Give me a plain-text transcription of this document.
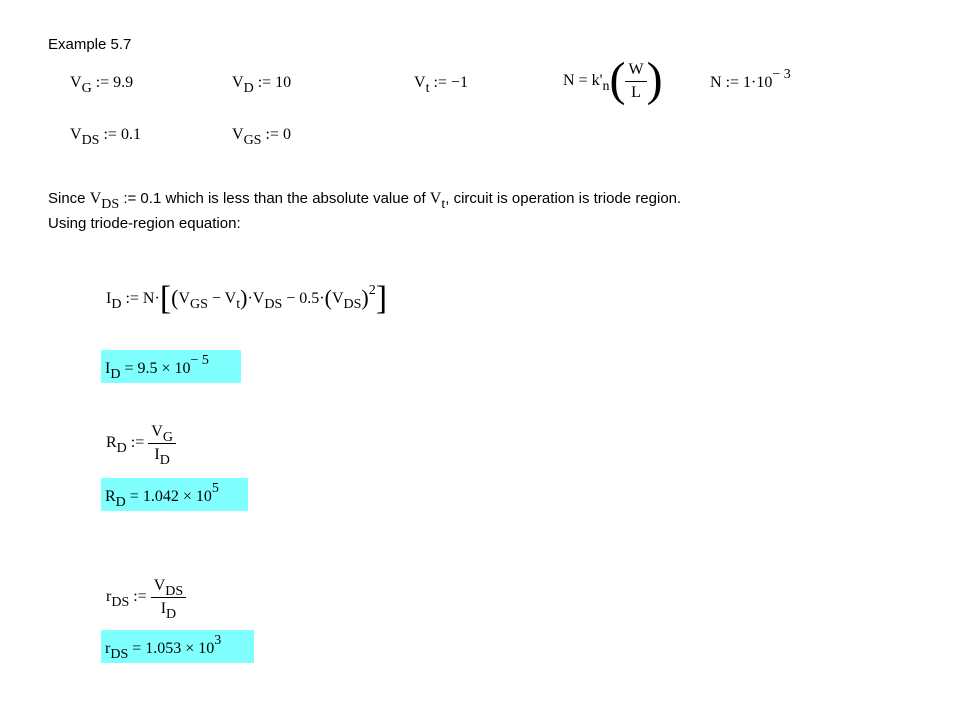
Example 5.7
$V_G$ := 9.9	$V_D$ := 10	$V_t$ := −1	$N = k'_n( \frac{W}{L}$ )	N := $1\cdot 10^{- 3}$
$V_{DS}$ := 0.1	$V_{GS}$ := 0
Since $V_{DS}$ := 0.1 which is less than the absolute value of $V_t$, circuit is operation is triode region.
Using triode-region equation:
$I_D$ := $N\cdot[(V_{GS} - V_t)\cdot V_{DS} - 0.5\cdot(V_{DS})^2]$
$I_D = 9.5 \times 10^{- 5}$
$R_D$ := $\frac{V_G}{I_D}$
$R_D = 1.042 \times 10^5$
$r_{DS}$ := $\frac{V_{DS}}{I_D}$
$r_{DS} = 1.053 \times 10^3$
